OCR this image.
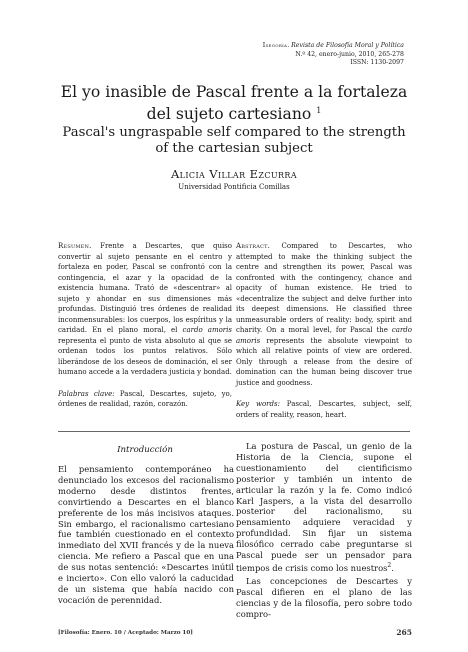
Isegoría. Revista de Filosofía Moral y Política
N.º 42, enero-junio, 2010, 265-278
ISSN: 1130-2097
El yo inasible de Pascal frente a la fortaleza del sujeto cartesiano $^1$
Pascal's ungraspable self compared to the strength of the cartesian subject
Alicia Villar Ezcurra
Universidad Pontificia Comillas
Resumen. Frente a Descartes, que quiso convertir al sujeto pensante en el centro y fortaleza en poder, Pascal se confrontó con la contingencia, el azar y la opacidad de la existencia humana. Trató de «descentrar» al sujeto y ahondar en sus dimensiones más profundas. Distinguió tres órdenes de realidad inconmensurables: los cuerpos, los espíritus y la caridad. En el plano moral, el cardo amoris representa el punto de vista absoluto al que se ordenan todos los puntos relativos. Sólo liberándose de los deseos de dominación, el ser humano accede a la verdadera justicia y bondad.
Palabras clave: Pascal, Descartes, sujeto, yo, órdenes de realidad, razón, corazón.
Abstract. Compared to Descartes, who attempted to make the thinking subject the centre and strengthen its power, Pascal was confronted with the contingency, chance and opacity of human existence. He tried to «decentralize the subject and delve further into its deepest dimensions. He classified three unmeasurable orders of reality: body, spirit and charity. On a moral level, for Pascal the cardo amoris represents the absolute viewpoint to which all relative points of view are ordered. Only through a release from the desire of domination can the human being discover true justice and goodness.
Key words: Pascal, Descartes, subject, self, orders of reality, reason, heart.
Introducción

El pensamiento contemporáneo ha denunciado los excesos del racionalismo moderno desde distintos frentes, convirtiendo a Descartes en el blanco preferente de los más incisivos ataques. Sin embargo, el racionalismo cartesiano fue también cuestionado en el contexto inmediato del XVII francés y de la nueva ciencia. Me refiero a Pascal que en una de sus notas sentenció: «Descartes inútil e incierto». Con ello valoró la caducidad de un sistema que había nacido con vocación de perennidad.

La postura de Pascal, un genio de la Historia de la Ciencia, supone el cuestionamiento del cientificismo posterior y también un intento de articular la razón y la fe. Como indicó Karl Jaspers, a la vista del desarrollo posterior del racionalismo, su pensamiento adquiere veracidad y profundidad. Sin fijar un sistema filosófico cerrado cabe preguntarse si Pascal puede ser un pensador para tiempos de crisis como los nuestros$^2$.

Las concepciones de Descartes y Pascal difieren en el plano de las ciencias y de la filosofía, pero sobre todo compro-

[Filosofía: Enero. 10 / Aceptado: Marzo 10]	265
